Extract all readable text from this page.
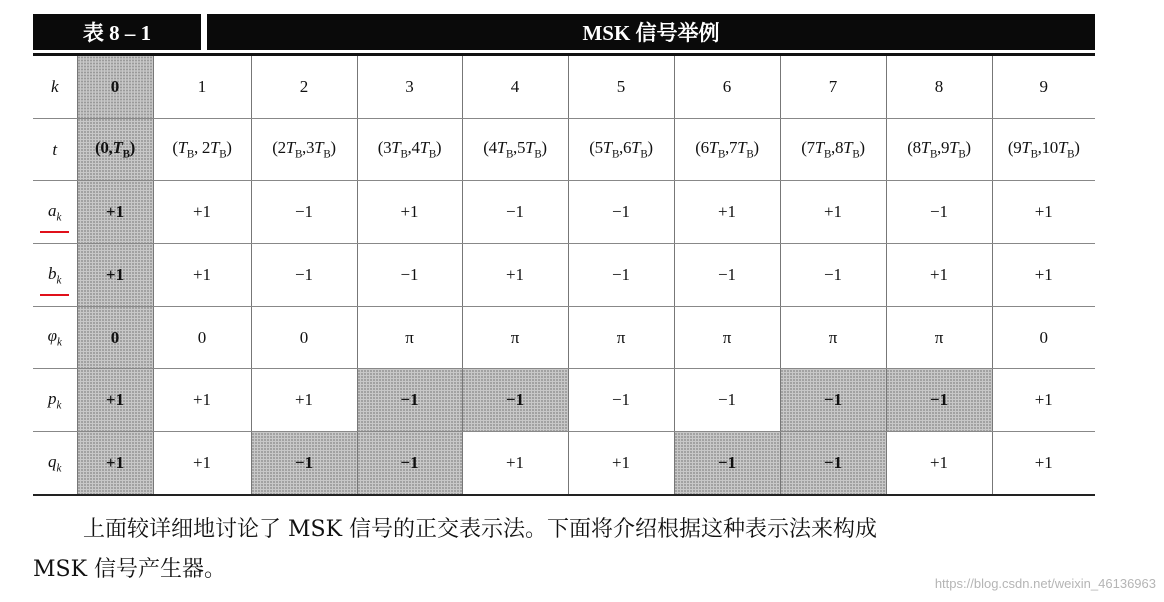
表 8 – 1	MSK 信号举例
k	0	1	2	3	4	5	6	7	8	9
t	$(0,T_B)$	($T_B$, $2T_B$)	$(2T_B,3T_B)$	$(3T_B,4T_B)$	$(4T_B,5T_B)$	$(5T_B,6T_B)$	$(6T_B,7T_B)$	$(7T_B,8T_B)$	$(8T_B,9T_B)$	$(9T_B,10T_B)$
$a_k$	+1	+1	−1	+1	−1	−1	+1	+1	−1	+1
$b_k$	+1	+1	−1	−1	+1	−1	−1	−1	+1	+1
$\varphi_k$	0	0	0	π	π	π	π	π	π	0
$p_k$	+1	+1	+1	−1	−1	−1	−1	−1	−1	+1
$q_k$	+1	+1	−1	−1	+1	+1	−1	−1	+1	+1

上面较详细地讨论了 MSK 信号的正交表示法。下面将介绍根据这种表示法来构成

MSK 信号产生器。

https://blog.csdn.net/weixin_46136963
